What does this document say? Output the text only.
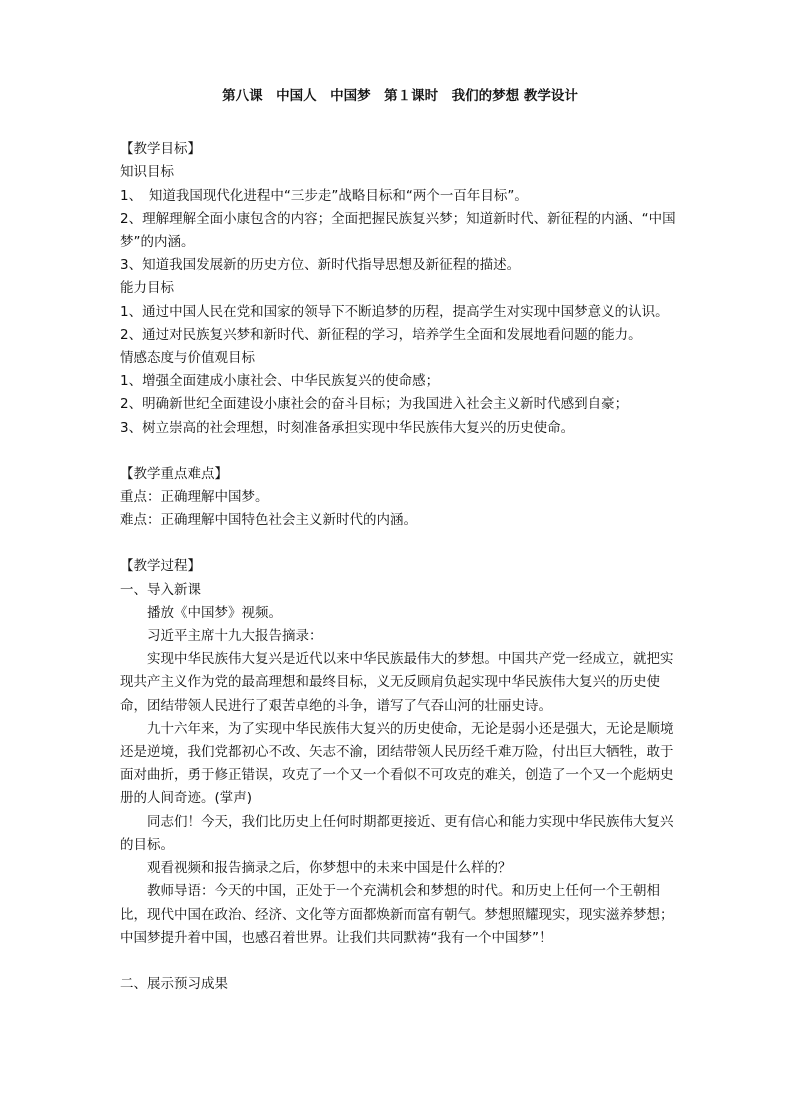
第八课　中国人　中国梦　第１课时　我们的梦想 教学设计
【教学目标】
知识目标
1、　知道我国现代化进程中“三步走”战略目标和“两个一百年目标”。
2、理解理解全面小康包含的内容；全面把握民族复兴梦；知道新时代、新征程的内涵、“中国梦”的内涵。
3、知道我国发展新的历史方位、新时代指导思想及新征程的描述。
能力目标
1、通过中国人民在党和国家的领导下不断追梦的历程，提高学生对实现中国梦意义的认识。
2、通过对民族复兴梦和新时代、新征程的学习，培养学生全面和发展地看问题的能力。
情感态度与价值观目标
1、增强全面建成小康社会、中华民族复兴的使命感；
2、明确新世纪全面建设小康社会的奋斗目标；为我国进入社会主义新时代感到自豪；
3、树立崇高的社会理想，时刻准备承担实现中华民族伟大复兴的历史使命。
【教学重点难点】
重点：正确理解中国梦。
难点：正确理解中国特色社会主义新时代的内涵。
【教学过程】
一、导入新课
播放《中国梦》视频。
习近平主席十九大报告摘录：
实现中华民族伟大复兴是近代以来中华民族最伟大的梦想。中国共产党一经成立，就把实现共产主义作为党的最高理想和最终目标，义无反顾肩负起实现中华民族伟大复兴的历史使命，团结带领人民进行了艰苦卓绝的斗争，谱写了气吞山河的壮丽史诗。
九十六年来，为了实现中华民族伟大复兴的历史使命，无论是弱小还是强大，无论是顺境还是逆境，我们党都初心不改、矢志不渝，团结带领人民历经千难万险，付出巨大牺牲，敢于面对曲折，勇于修正错误，攻克了一个又一个看似不可攻克的难关，创造了一个又一个彪炳史册的人间奇迹。(掌声)
同志们！今天，我们比历史上任何时期都更接近、更有信心和能力实现中华民族伟大复兴的目标。
观看视频和报告摘录之后，你梦想中的未来中国是什么样的？
教师导语：今天的中国，正处于一个充满机会和梦想的时代。和历史上任何一个王朝相比，现代中国在政治、经济、文化等方面都焕新而富有朝气。梦想照耀现实，现实滋养梦想；中国梦提升着中国，也感召着世界。让我们共同默祷“我有一个中国梦”！
二、展示预习成果
